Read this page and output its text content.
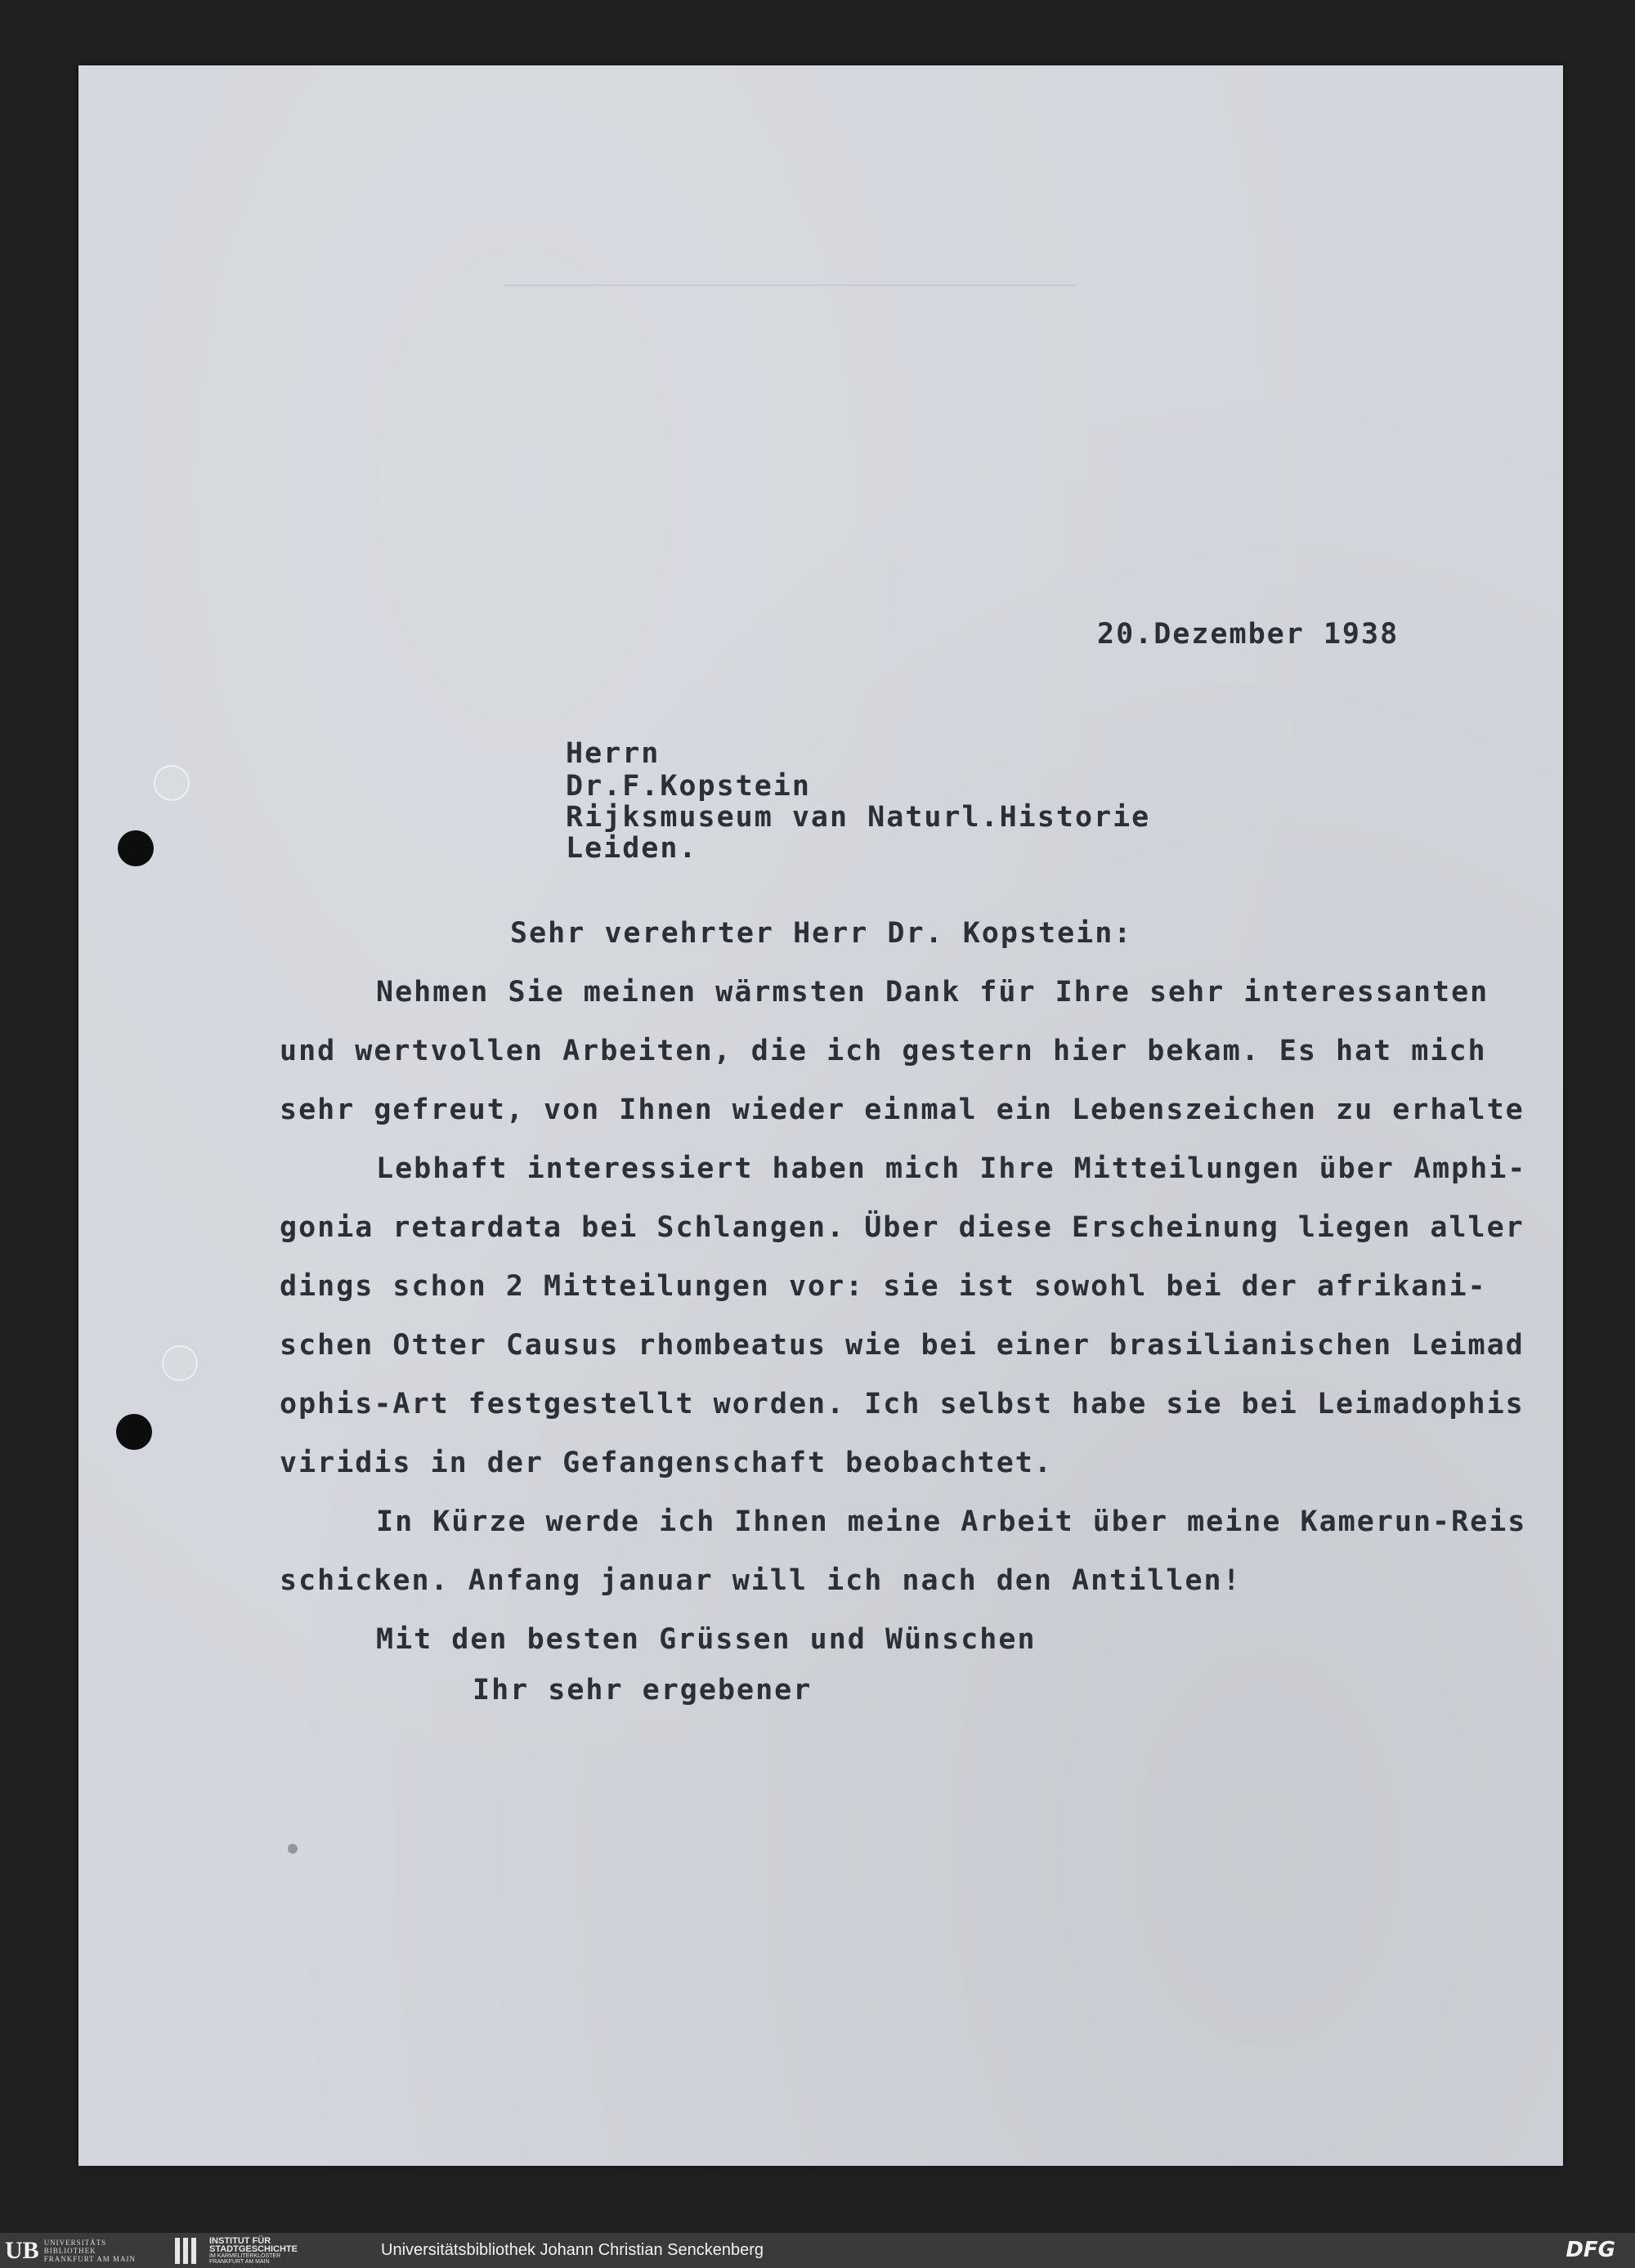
20.Dezember 1938
Herrn
Dr.F.Kopstein
Rijksmuseum van Naturl.Historie
Leiden.
Sehr verehrter Herr Dr. Kopstein:
Nehmen Sie meinen wärmsten Dank für Ihre sehr interessanten
und wertvollen Arbeiten, die ich gestern hier bekam. Es hat mich
sehr gefreut, von Ihnen wieder einmal ein Lebenszeichen zu erhalte
Lebhaft interessiert haben mich Ihre Mitteilungen über Amphi-
gonia retardata bei Schlangen. Über diese Erscheinung liegen aller
dings schon 2 Mitteilungen vor: sie ist sowohl bei der afrikani-
schen Otter Causus rhombeatus wie bei einer brasilianischen Leimad
ophis-Art festgestellt worden. Ich selbst habe sie bei Leimadophis
viridis in der Gefangenschaft beobachtet.
In Kürze werde ich Ihnen meine Arbeit über meine Kamerun-Reis
schicken. Anfang januar will ich nach den Antillen!
Mit den besten Grüssen und Wünschen
Ihr sehr ergebener
UB UNIVERSITÄTS
BIBLIOTHEK
FRANKFURT AM MAIN
INSTITUT FÜR
STADTGESCHICHTE
IM KARMELITERKLOSTER
FRANKFURT AM MAIN
Universitätsbibliothek Johann Christian Senckenberg	DFG
